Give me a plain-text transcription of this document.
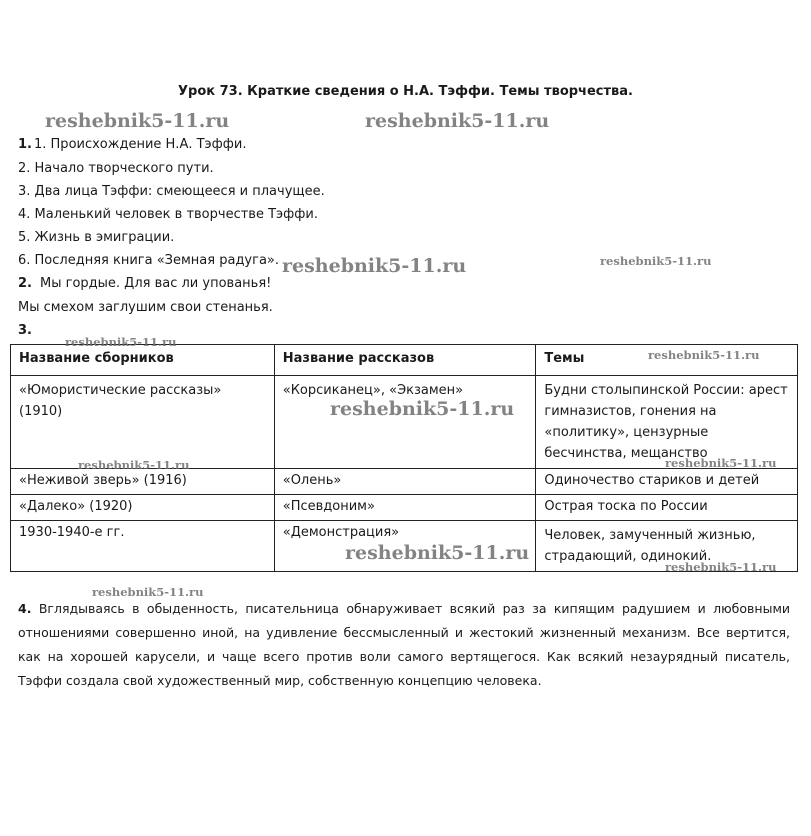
Урок 73. Краткие сведения о Н.А. Тэффи. Темы творчества.
1. 1. Происхождение Н.А. Тэффи.
2. Начало творческого пути.
3. Два лица Тэффи: смеющееся и плачущее.
4. Маленький человек в творчестве Тэффи.
5. Жизнь в эмиграции.
6. Последняя книга «Земная радуга».
2. Мы гордые. Для вас ли упованья!
Мы смехом заглушим свои стенанья.
3.
Название сборников	Название рассказов	Темы
«Юмористические рассказы» (1910)	«Корсиканец», «Экзамен»	Будни столыпинской России: арест гимназистов, гонения на «политику», цензурные бесчинства, мещанство
«Неживой зверь» (1916)	«Олень»	Одиночество стариков и детей
«Далеко» (1920)	«Псевдоним»	Острая тоска по России
1930-1940-е гг.	«Демонстрация»	Человек, замученный жизнью, страдающий, одинокий.
4. Вглядываясь в обыденность, писательница обнаруживает всякий раз за кипящим радушием и любовными отношениями совершенно иной, на удивление бессмысленный и жестокий жизненный механизм. Все вертится, как на хорошей карусели, и чаще всего против воли самого вертящегося. Как всякий незаурядный писатель, Тэффи создала свой художественный мир, собственную концепцию человека.
reshebnik5-11.ru	reshebnik5-11.ru
reshebnik5-11.ru	reshebnik5-11.ru
reshebnik5-11.ru
reshebnik5-11.ru
reshebnik5-11.ru
reshebnik5-11.ru	reshebnik5-11.ru
reshebnik5-11.ru
reshebnik5-11.ru
reshebnik5-11.ru
